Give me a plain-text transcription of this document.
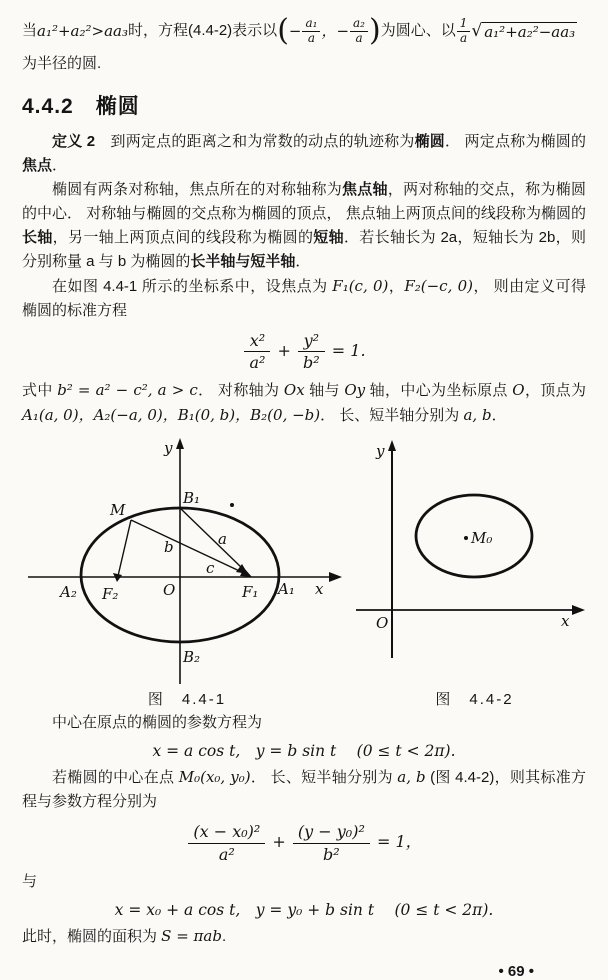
当 a₁²+a₂²>aa₃ 时，方程(4.4-2)表示以 ( − $\frac{\text{a₁}}{a}$ ，− $\frac{\text{a₂}}{a}$ ) 为圆心、以 $\frac{1}{a}$ √ a₁²+a₂²−aa₃

为半径的圆.

4.4.2　椭圆

定义 2　到两定点的距离之和为常数的动点的轨迹称为椭圆． 两定点称为椭圆的焦点．

椭圆有两条对称轴，焦点所在的对称轴称为焦点轴，两对称轴的交点，称为椭圆的中心． 对称轴与椭圆的交点称为椭圆的顶点， 焦点轴上两顶点间的线段称为椭圆的长轴，另一轴上两顶点间的线段称为椭圆的短轴．若长轴长为 2a，短轴长为 2b，则分别称量 a 与 b 为椭圆的长半轴与短半轴．

在如图 4.4-1 所示的坐标系中，设焦点为 F₁(c, 0)，F₂(−c, 0)， 则由定义可得椭圆的标准方程

$\frac{\text{x²}}{\text{a²}} + \frac{\text{y²}}{\text{b²}} = 1$.

式中 b² = a² − c², a > c． 对称轴为 Ox 轴与 Oy 轴，中心为坐标原点 O，顶点为 A₁(a, 0)，A₂(−a, 0)，B₁(0, b)，B₂(0, −b)． 长、短半轴分别为 a, b．

y
x
B₁
B₂
A₁
A₂	F₁
F₂	O
M
a
b
c
图　4.4-1
y
x
O
M₀
图　4.4-2

中心在原点的椭圆的参数方程为

x = a cos t,　y = b sin t　 (0 ≤ t < 2π).

若椭圆的中心在点 M₀(x₀, y₀)． 长、短半轴分别为 a, b (图 4.4-2)，则其标准方程与参数方程分别为

$\frac{\text{(x − x₀)²}}{\text{a²}} + \frac{\text{(y − y₀)²}}{\text{b²}} = 1$，

与

x = x₀ + a cos t,　y = y₀ + b sin t　 (0 ≤ t < 2π).

此时，椭圆的面积为 S = πab.

• 69 •
